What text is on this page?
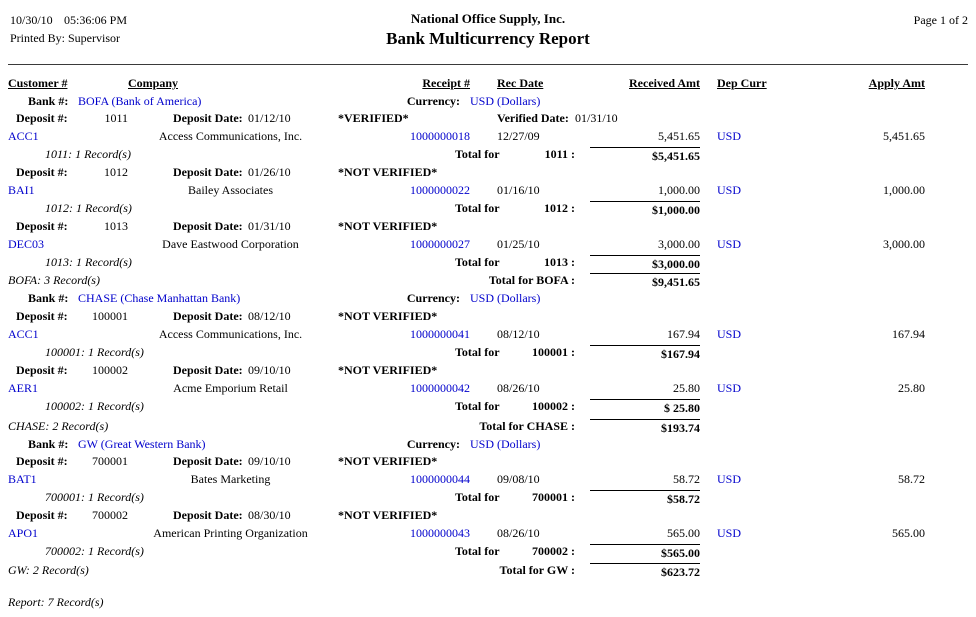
10/30/10 05:36:06 PM
Printed By: Supervisor
National Office Supply, Inc.
Bank Multicurrency Report
Page 1 of 2
Customer #	Company	Receipt # Rec Date	Received Amt Dep Curr	Apply Amt
Bank #: BOFA (Bank of America)	Currency: USD (Dollars)
Deposit #:	1011	Deposit Date: 01/12/10	*VERIFIED*	Verified Date: 01/31/10
ACC1	Access Communications, Inc.	1000000018 12/27/09	5,451.65 USD	5,451.65
1011: 1 Record(s)	Total for	1011 :	$5,451.65
Deposit #:	1012	Deposit Date: 01/26/10	*NOT VERIFIED*
BAI1	Bailey Associates	1000000022 01/16/10	1,000.00 USD	1,000.00
1012: 1 Record(s)	Total for	1012 :	$1,000.00
Deposit #:	1013	Deposit Date: 01/31/10	*NOT VERIFIED*
DEC03	Dave Eastwood Corporation	1000000027 01/25/10	3,000.00 USD	3,000.00
1013: 1 Record(s)	Total for	1013 :	$3,000.00
BOFA: 3 Record(s)	Total for BOFA :	$9,451.65
Bank #: CHASE (Chase Manhattan Bank)	Currency: USD (Dollars)
Deposit #: 100001	Deposit Date: 08/12/10	*NOT VERIFIED*
ACC1	Access Communications, Inc.	1000000041 08/12/10	167.94 USD	167.94
100001: 1 Record(s)	Total for	100001 :	$167.94
Deposit #: 100002	Deposit Date: 09/10/10	*NOT VERIFIED*
AER1	Acme Emporium Retail	1000000042 08/26/10	25.80 USD	25.80
100002: 1 Record(s)	Total for	100002 :	$ 25.80
CHASE: 2 Record(s)	Total for CHASE :	$193.74
Bank #: GW (Great Western Bank)	Currency: USD (Dollars)
Deposit #: 700001	Deposit Date: 09/10/10	*NOT VERIFIED*
BAT1	Bates Marketing	1000000044 09/08/10	58.72 USD	58.72
700001: 1 Record(s)	Total for	700001 :	$58.72
Deposit #: 700002	Deposit Date: 08/30/10	*NOT VERIFIED*
APO1	American Printing Organization	1000000043 08/26/10	565.00 USD	565.00
700002: 1 Record(s)	Total for	700002 :	$565.00
GW: 2 Record(s)	Total for GW :	$623.72
Report: 7 Record(s)
